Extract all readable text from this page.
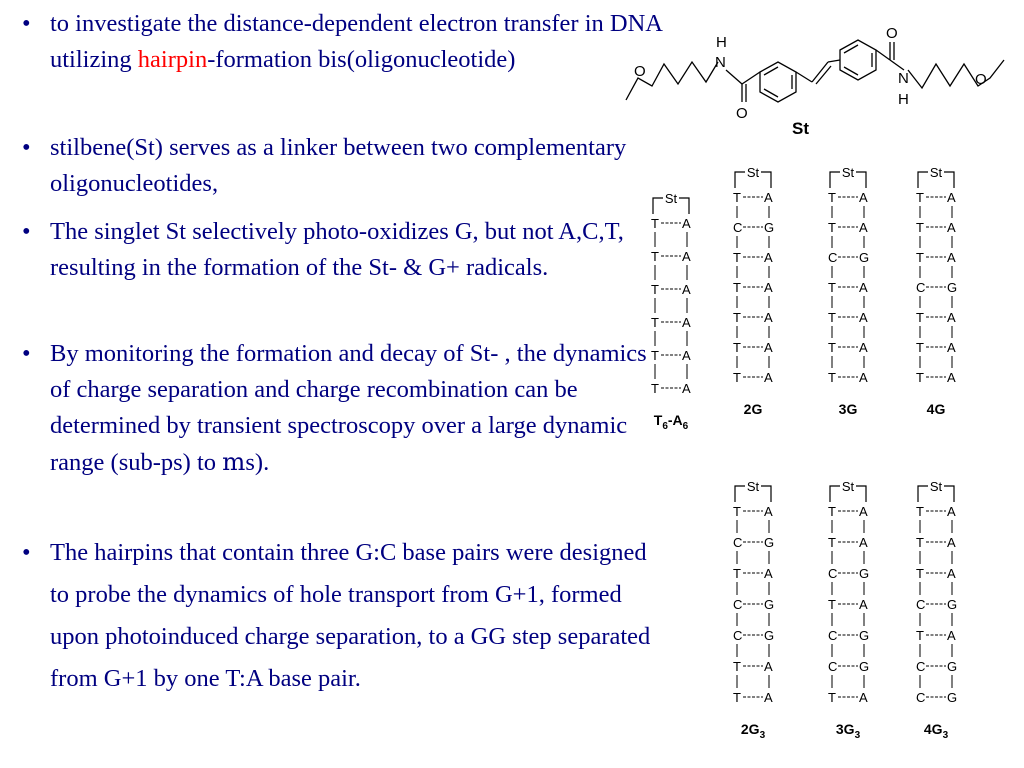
• to investigate the distance-dependent electron transfer in DNA utilizing hairpin-formation bis(oligonucleotide)
• stilbene(St) serves as a linker between two complementary oligonucleotides,
• The singlet St selectively photo-oxidizes G, but not A,C,T, resulting in the formation of the St- & G+ radicals.
• By monitoring the formation and decay of St- , the dynamics of charge separation and charge recombination can be determined by transient spectroscopy over a large dynamic range (sub-ps) to ms).
• The hairpins that contain three G:C base pairs were designed to probe the dynamics of hole transport from G+1, formed upon photoinduced charge separation, to a GG step separated from G+1 by one T:A base pair.
O
H
N
O
O
N
H
O
St
St
T A
T A
T A
T A
T A
T A
$T_6-A_6$
St
T A
C G
T A
T A
T A
T A
T A
2G
St
T A
T A
C G
T A
T A
T A
T A
3G
St
T A
T A
T A
C G
T A
T A
T A
4G
St
T A
C G
T A
C G
C G
T A
T A
$2G_3$
St
T A
T A
C G
T A
C G
C G
T A
$3G_3$
St
T A
T A
T A
C G
T A
C G
C G
$4G_3$
